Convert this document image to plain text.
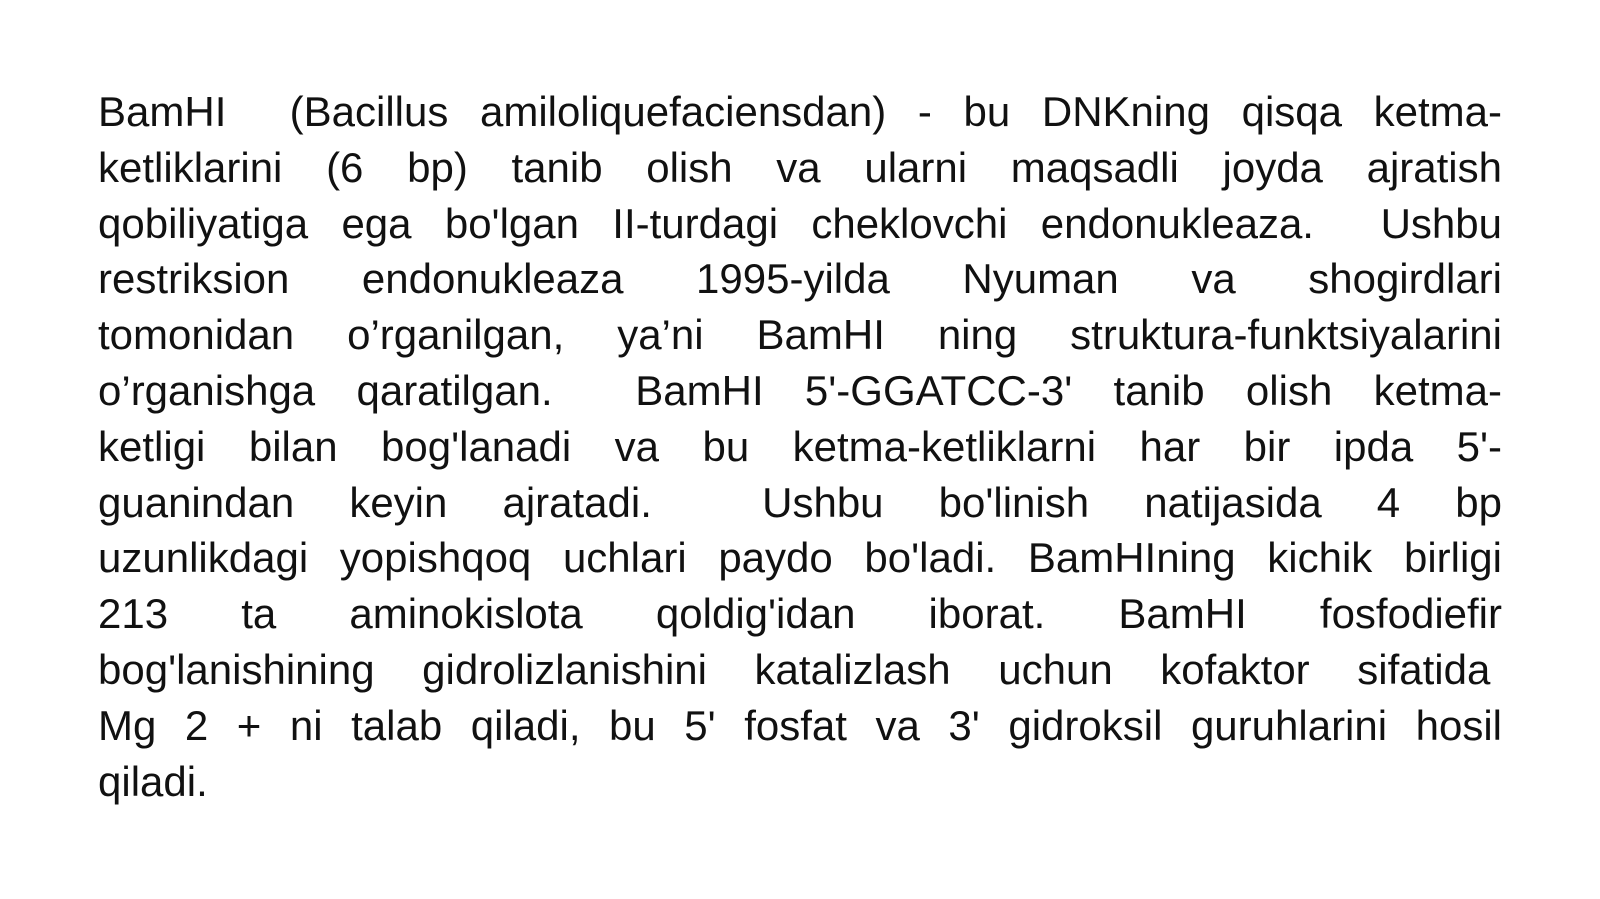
BamHI  (Bacillus amiloliquefaciensdan) - bu DNKning qisqa ketma-
ketliklarini (6 bp) tanib olish va ularni maqsadli joyda ajratish
qobiliyatiga ega bo'lgan II-turdagi cheklovchi endonukleaza.  Ushbu
restriksion endonukleaza 1995-yilda Nyuman va shogirdlari
tomonidan o’rganilgan, ya’ni BamHI ning struktura-funktsiyalarini
o’rganishga qaratilgan.  BamHI 5'-GGATCC-3' tanib olish ketma-
ketligi bilan bog'lanadi va bu ketma-ketliklarni har bir ipda 5'-
guanindan keyin ajratadi.  Ushbu bo'linish natijasida 4 bp
uzunlikdagi yopishqoq uchlari paydo bo'ladi. BamHIning kichik birligi
213 ta aminokislota qoldig'idan iborat. BamHI fosfodiefir
bog'lanishining gidrolizlanishini katalizlash uchun kofaktor sifatida
Mg 2 + ni talab qiladi, bu 5' fosfat va 3' gidroksil guruhlarini hosil
qiladi.
